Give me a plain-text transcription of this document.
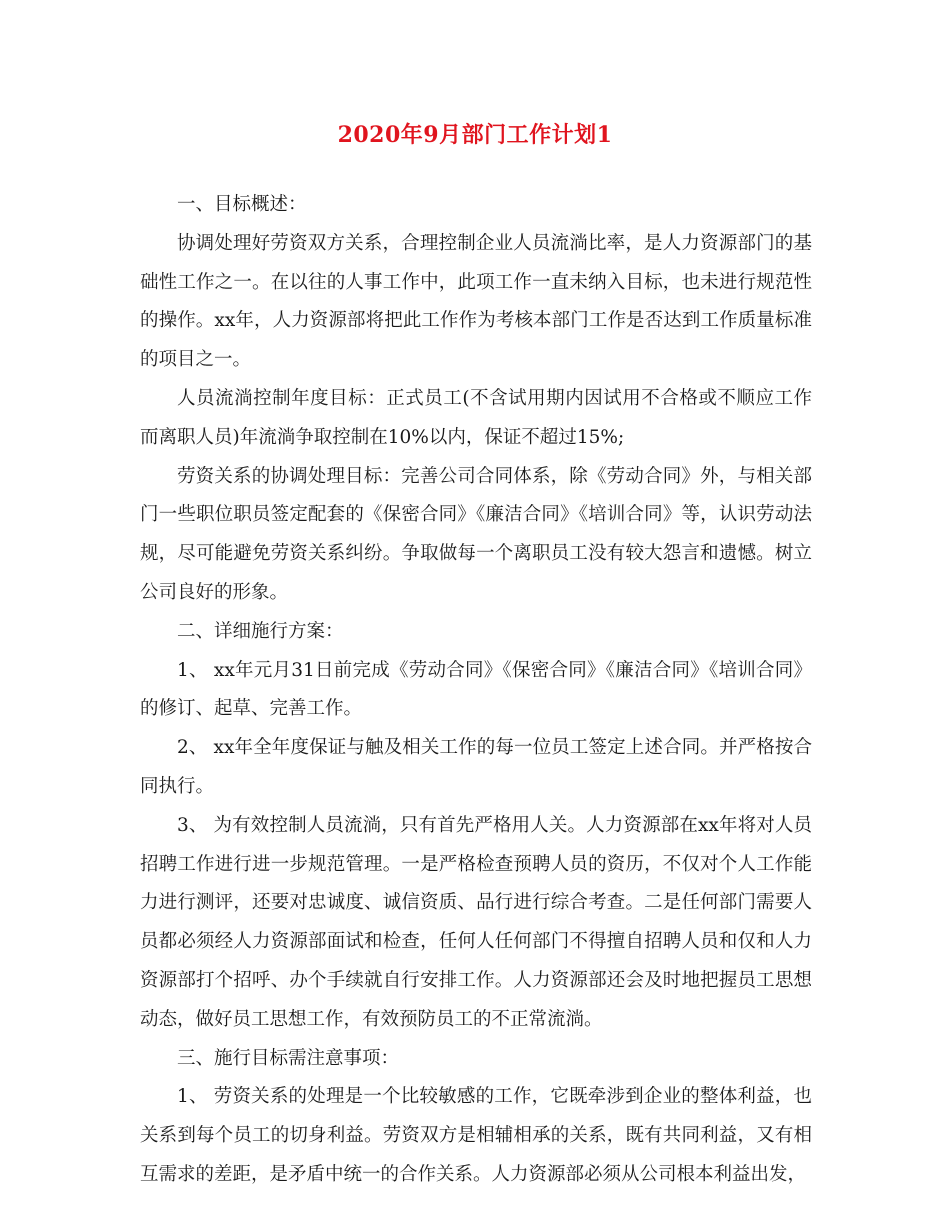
2020年9月部门工作计划1

一、目标概述：

协调处理好劳资双方关系，合理控制企业人员流淌比率，是人力资源部门的基础性工作之一。在以往的人事工作中，此项工作一直未纳入目标，也未进行规范性的操作。xx年，人力资源部将把此工作作为考核本部门工作是否达到工作质量标准的项目之一。

人员流淌控制年度目标：正式员工(不含试用期内因试用不合格或不顺应工作而离职人员)年流淌争取控制在10%以内，保证不超过15%;

劳资关系的协调处理目标：完善公司合同体系，除《劳动合同》外，与相关部门一些职位职员签定配套的《保密合同》《廉洁合同》《培训合同》等，认识劳动法规，尽可能避免劳资关系纠纷。争取做每一个离职员工没有较大怨言和遗憾。树立公司良好的形象。

二、详细施行方案：

1、 xx年元月31日前完成《劳动合同》《保密合同》《廉洁合同》《培训合同》的修订、起草、完善工作。

2、 xx年全年度保证与触及相关工作的每一位员工签定上述合同。并严格按合同执行。

3、 为有效控制人员流淌，只有首先严格用人关。人力资源部在xx年将对人员招聘工作进行进一步规范管理。一是严格检查预聘人员的资历，不仅对个人工作能力进行测评，还要对忠诚度、诚信资质、品行进行综合考查。二是任何部门需要人员都必须经人力资源部面试和检查，任何人任何部门不得擅自招聘人员和仅和人力资源部打个招呼、办个手续就自行安排工作。人力资源部还会及时地把握员工思想动态，做好员工思想工作，有效预防员工的不正常流淌。

三、施行目标需注意事项：

1、 劳资关系的处理是一个比较敏感的工作，它既牵涉到企业的整体利益，也关系到每个员工的切身利益。劳资双方是相辅相承的关系，既有共同利益，又有相互需求的差距，是矛盾中统一的合作关系。人力资源部必须从公司根本利益出发，
